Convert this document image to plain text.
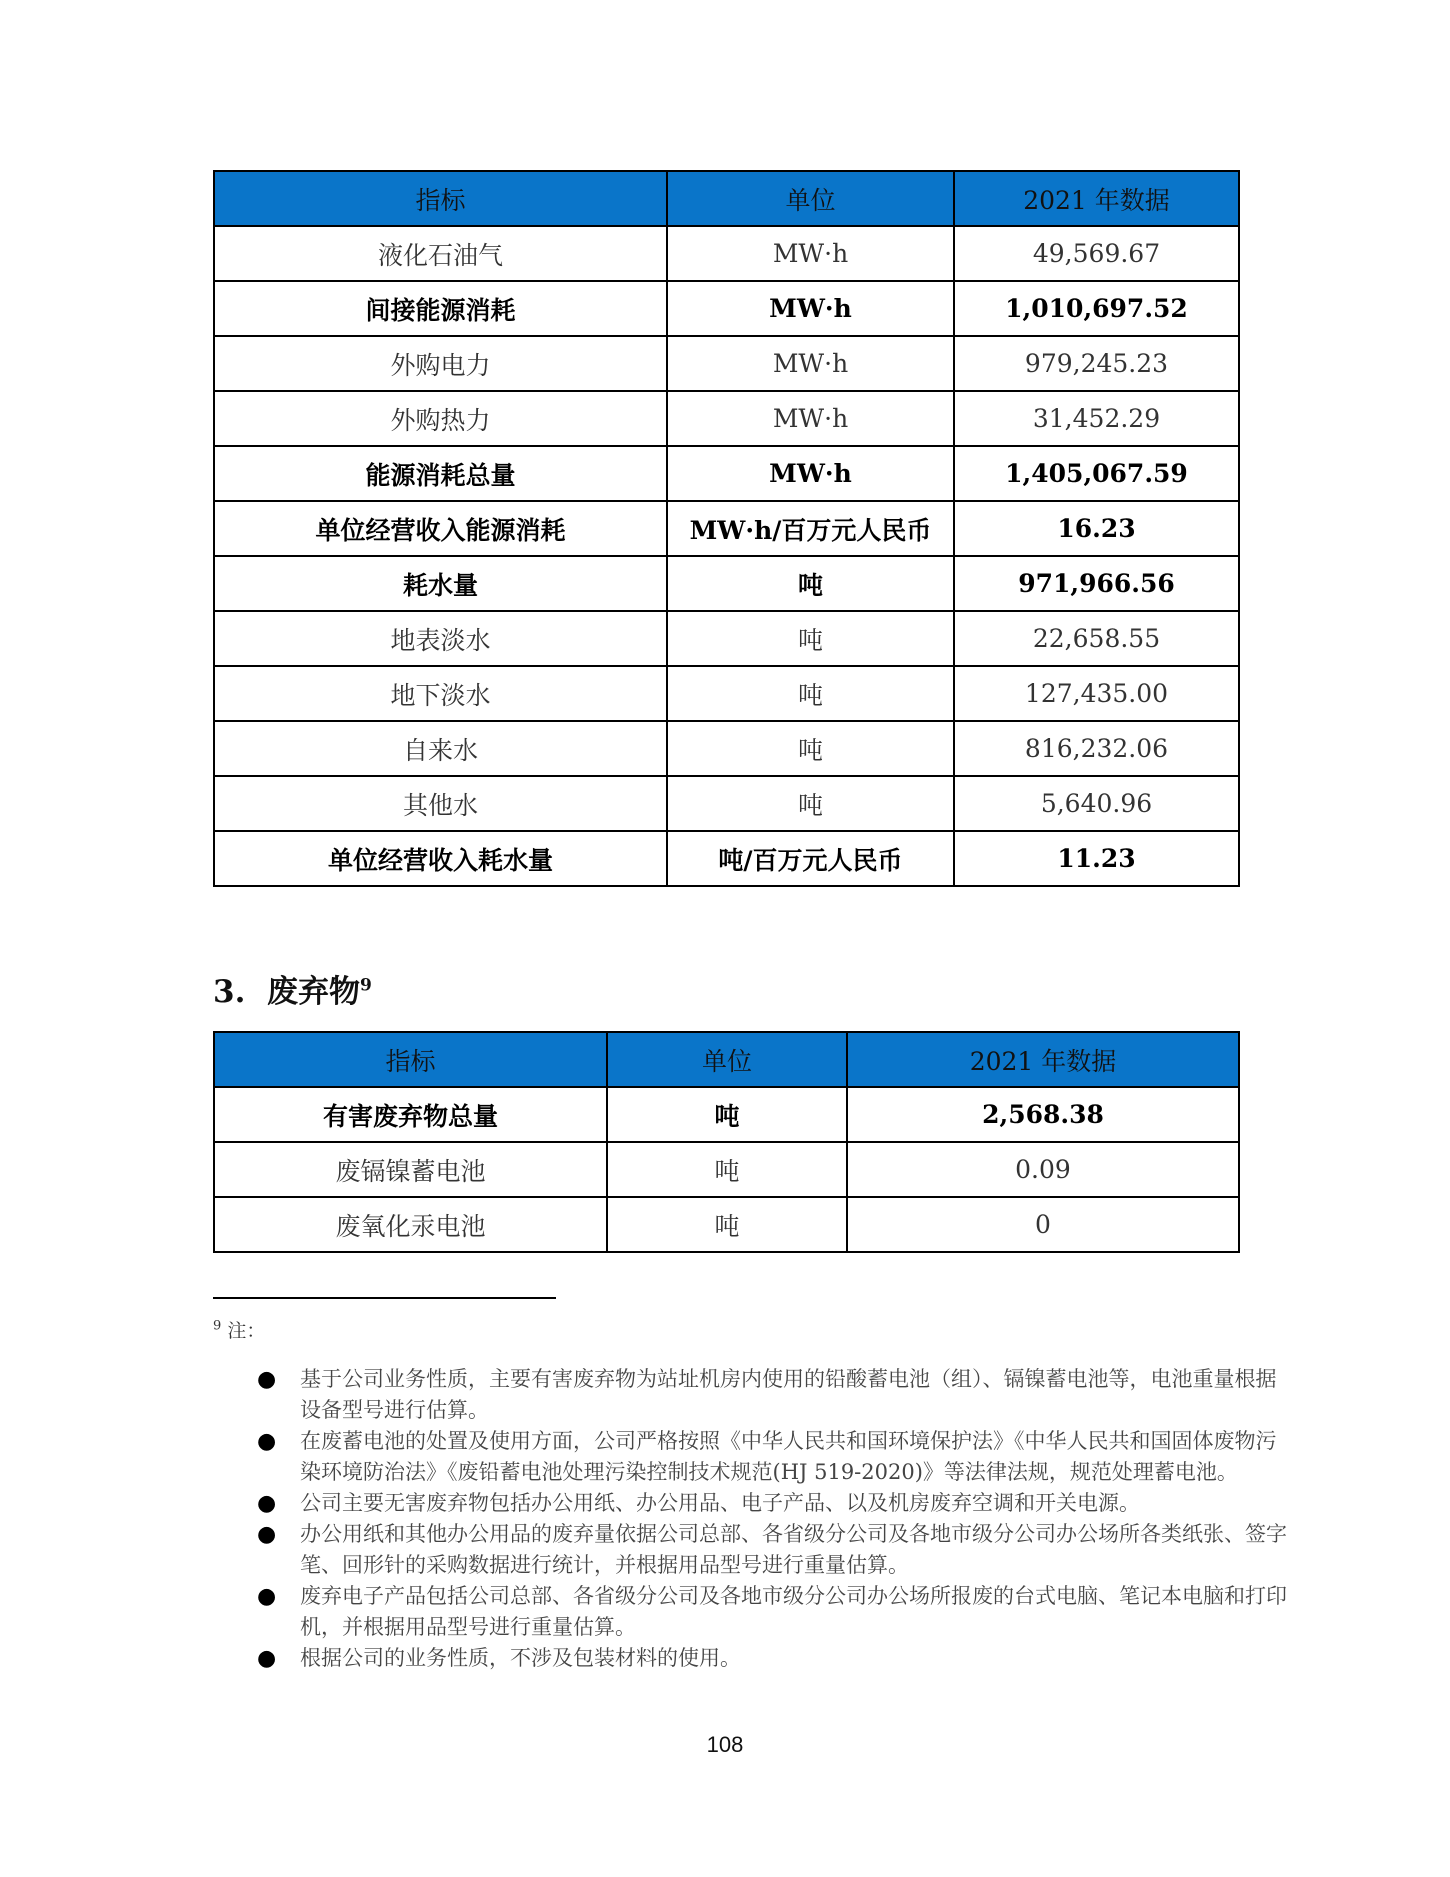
指标	单位	2021 年数据
液化石油气	MW·h	49,569.67
间接能源消耗	MW·h	1,010,697.52
外购电力	MW·h	979,245.23
外购热力	MW·h	31,452.29
能源消耗总量	MW·h	1,405,067.59
单位经营收入能源消耗	MW·h/百万元人民币	16.23
耗水量	吨	971,966.56
地表淡水	吨	22,658.55
地下淡水	吨	127,435.00
自来水	吨	816,232.06
其他水	吨	5,640.96
单位经营收入耗水量	吨/百万元人民币	11.23
3. 废弃物$^9$
指标	单位	2021 年数据
有害废弃物总量	吨	2,568.38
废镉镍蓄电池	吨	0.09
废氧化汞电池	吨	0
$^9$ 注：
● 基于公司业务性质，主要有害废弃物为站址机房内使用的铅酸蓄电池（组）、镉镍蓄电池等，电池重量根据设备型号进行估算。
● 在废蓄电池的处置及使用方面，公司严格按照《中华人民共和国环境保护法》《中华人民共和国固体废物污染环境防治法》《废铅蓄电池处理污染控制技术规范(HJ 519-2020)》等法律法规，规范处理蓄电池。
● 公司主要无害废弃物包括办公用纸、办公用品、电子产品、以及机房废弃空调和开关电源。
● 办公用纸和其他办公用品的废弃量依据公司总部、各省级分公司及各地市级分公司办公场所各类纸张、签字笔、回形针的采购数据进行统计，并根据用品型号进行重量估算。
● 废弃电子产品包括公司总部、各省级分公司及各地市级分公司办公场所报废的台式电脑、笔记本电脑和打印机，并根据用品型号进行重量估算。
● 根据公司的业务性质，不涉及包装材料的使用。
108
